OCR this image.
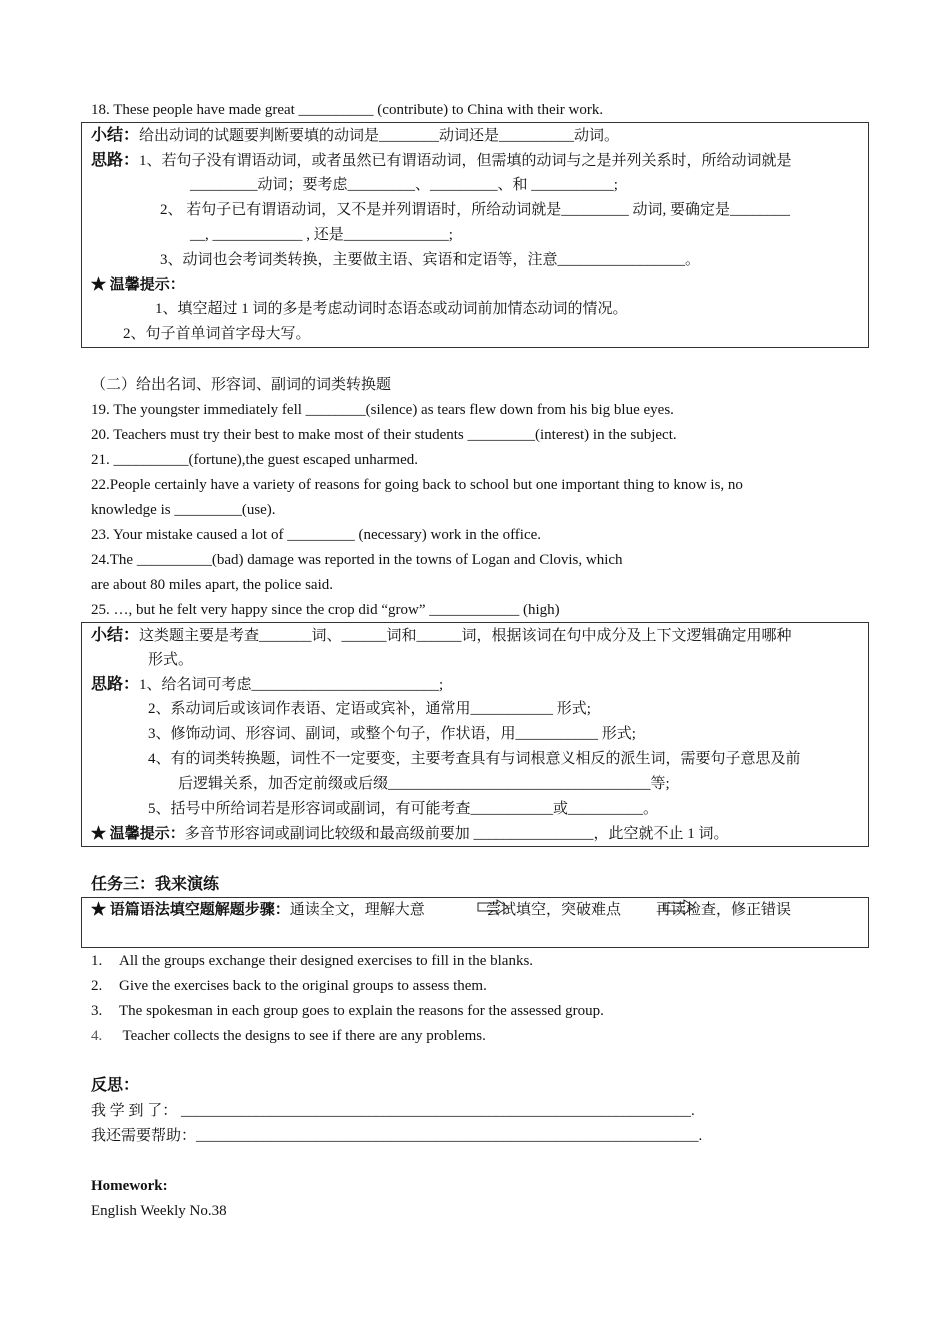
18. These people have made great __________ (contribute) to China with their work.
小结：给出动词的试题要判断要填的动词是________动词还是__________动词。
思路：1、若句子没有谓语动词，或者虽然已有谓语动词，但需填的动词与之是并列关系时，所给动词就是
_________动词；要考虑_________、_________、和 ___________;
2、 若句子已有谓语动词，又不是并列谓语时，所给动词就是_________ 动词, 要确定是________
__, ____________ , 还是______________;
3、动词也会考词类转换，主要做主语、宾语和定语等，注意_________________。
★ 温馨提示：
1、填空超过 1 词的多是考虑动词时态语态或动词前加情态动词的情况。
2、句子首单词首字母大写。
（二）给出名词、形容词、副词的词类转换题
19. The youngster immediately fell ________(silence) as tears flew down from his big blue eyes.
20. Teachers must try their best to make most of their students _________(interest) in the subject.
21. __________(fortune),the guest escaped unharmed.
22.People certainly have a variety of reasons for going back to school but one important thing to know is, no
knowledge is _________(use).
23. Your mistake caused a lot of _________ (necessary) work in the office.
24.The __________(bad) damage was reported in the towns of Logan and Clovis, which
are about 80 miles apart, the police said.
25. …, but he felt very happy since the crop did “grow” ____________ (high)
小结：这类题主要是考查_______词、______词和______词，根据该词在句中成分及上下文逻辑确定用哪种
形式。
思路：1、给名词可考虑_________________________;
2、系动词后或该词作表语、定语或宾补，通常用___________ 形式;
3、修饰动词、形容词、副词，或整个句子，作状语，用___________ 形式;
4、有的词类转换题，词性不一定要变，主要考查具有与词根意义相反的派生词，需要句子意思及前
后逻辑关系，加否定前缀或后缀___________________________________等;
5、括号中所给词若是形容词或副词，有可能考查___________或__________。
★ 温馨提示：多音节形容词或副词比较级和最高级前要加 ________________，此空就不止 1 词。
任务三：我来演练
★ 语篇语法填空题解题步骤：通读全文，理解大意	尝试填空，突破难点 再读检查，修正错误
1. All the groups exchange their designed exercises to fill in the blanks.
2. Give the exercises back to the original groups to assess them.
3. The spokesman in each group goes to explain the reasons for the assessed group.
4. Teacher collects the designs to see if there are any problems.
反思：
我 学 到 了： ____________________________________________________________________.
我还需要帮助：___________________________________________________________________.
Homework:
English Weekly No.38
